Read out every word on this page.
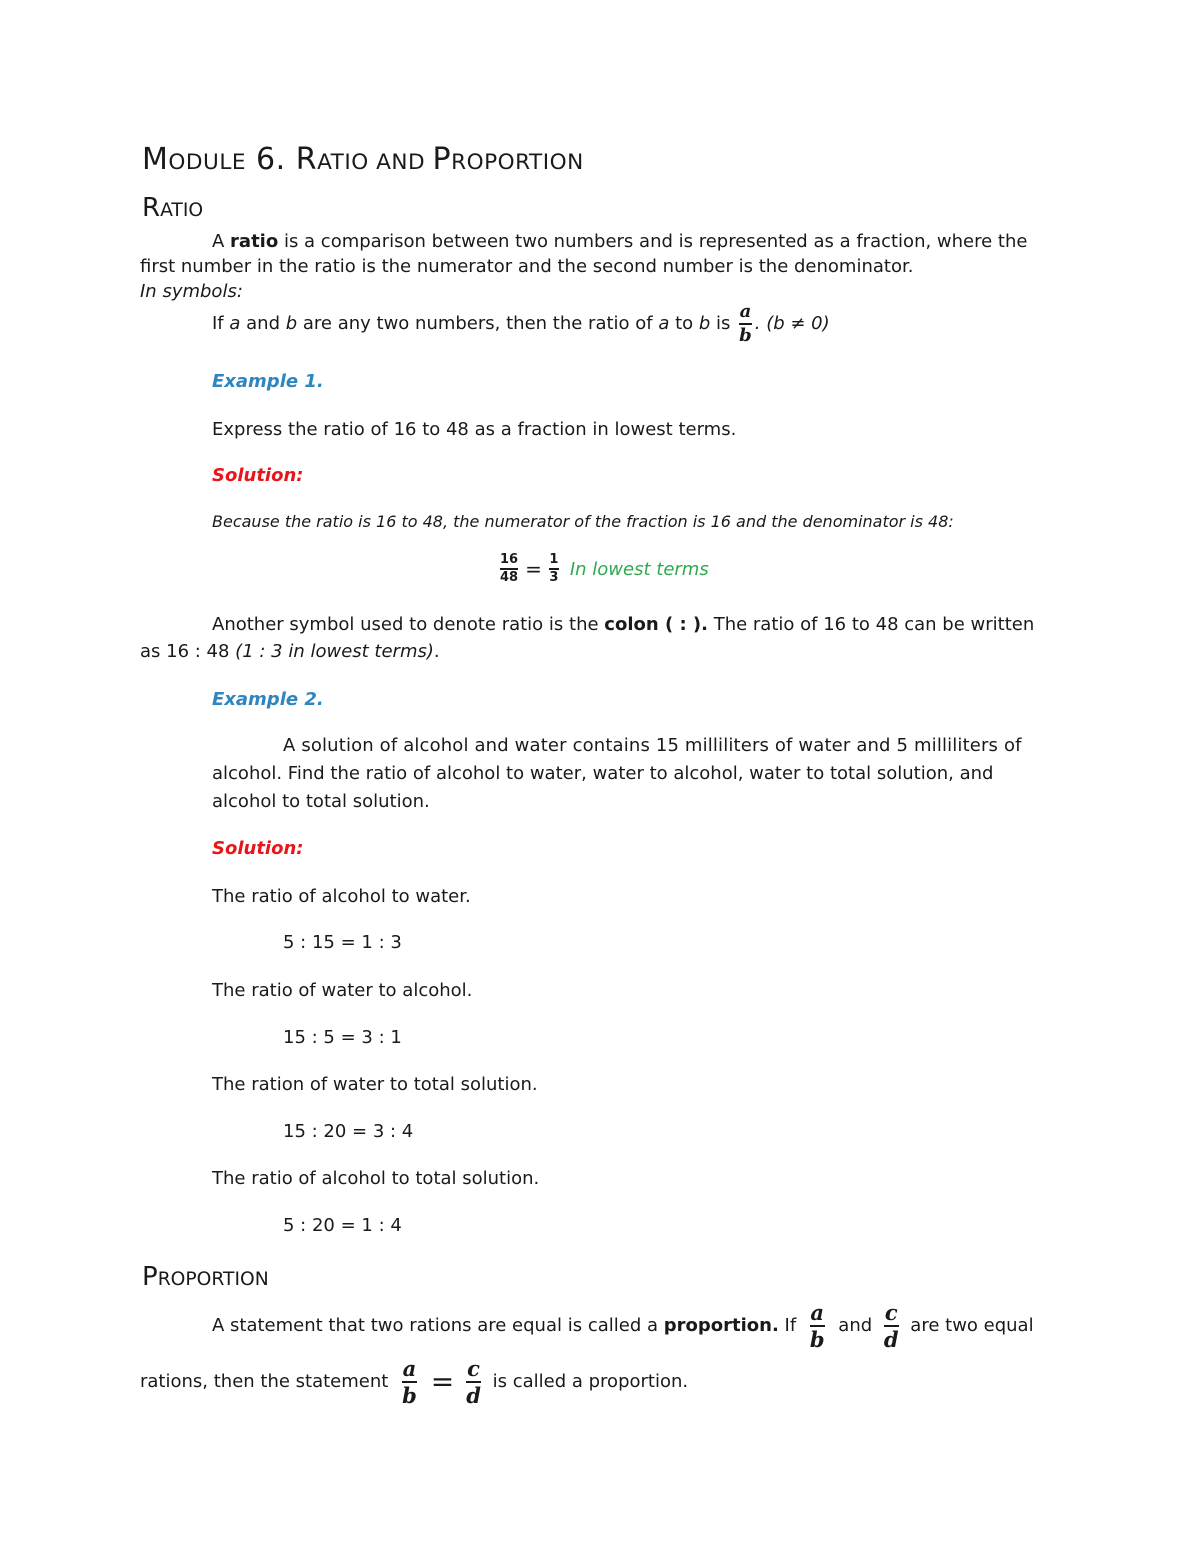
MODULE 6. RATIO AND PROPORTION
RATIO
A ratio is a comparison between two numbers and is represented as a fraction, where the
first number in the ratio is the numerator and the second number is the denominator.
In symbols:
If a and b are any two numbers, then the ratio of a to b is $\frac{a}{b}$ . (b ≠ 0)
Example 1.
Express the ratio of 16 to 48 as a fraction in lowest terms.
Solution:
Because the ratio is 16 to 48, the numerator of the fraction is 16 and the denominator is 48:
$\frac{16}{48} = \frac{1}{3}$ In lowest terms
Another symbol used to denote ratio is the colon ( : ). The ratio of 16 to 48 can be written
as 16 : 48 (1 : 3 in lowest terms).
Example 2.
A solution of alcohol and water contains 15 milliliters of water and 5 milliliters of
alcohol. Find the ratio of alcohol to water, water to alcohol, water to total solution, and
alcohol to total solution.
Solution:
The ratio of alcohol to water.
5 : 15 = 1 : 3
The ratio of water to alcohol.
15 : 5 = 3 : 1
The ration of water to total solution.
15 : 20 = 3 : 4
The ratio of alcohol to total solution.
5 : 20 = 1 : 4
PROPORTION
A statement that two rations are equal is called a proportion. If $\frac{a}{b}$ and $\frac{c}{d}$ are two equal
rations, then the statement $\frac{a}{b} = \frac{c}{d}$ is called a proportion.
